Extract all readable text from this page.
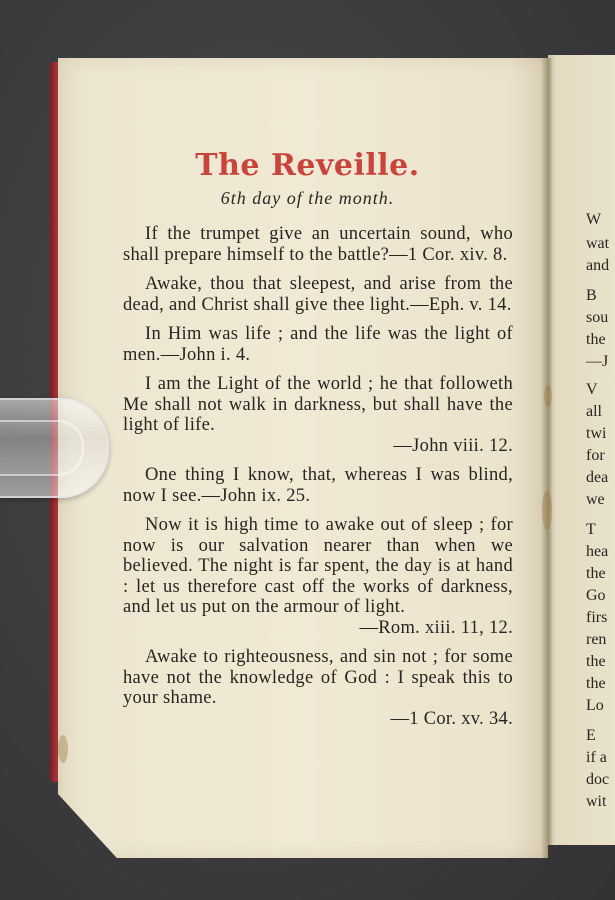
W
wat
and
B
sou
the
—J
V
all
twi
for
dea
we
T
hea
the
Go
firs
ren
the
the
Lo
E
if a
doc
wit
The Reveille.
6th day of the month.

If the trumpet give an uncertain sound, who shall prepare himself to the battle?—1 Cor. xiv. 8.

Awake, thou that sleepest, and arise from the dead, and Christ shall give thee light.—Eph. v. 14.

In Him was life ; and the life was the light of men.—John i. 4.

I am the Light of the world ; he that followeth Me shall not walk in darkness, but shall have the light of life.
—John viii. 12.

One thing I know, that, whereas I was blind, now I see.—John ix. 25.

Now it is high time to awake out of sleep ; for now is our salvation nearer than when we believed. The night is far spent, the day is at hand : let us therefore cast off the works of darkness, and let us put on the armour of light.
—Rom. xiii. 11, 12.

Awake to righteousness, and sin not ; for some have not the knowledge of God : I speak this to your shame.
—1 Cor. xv. 34.
